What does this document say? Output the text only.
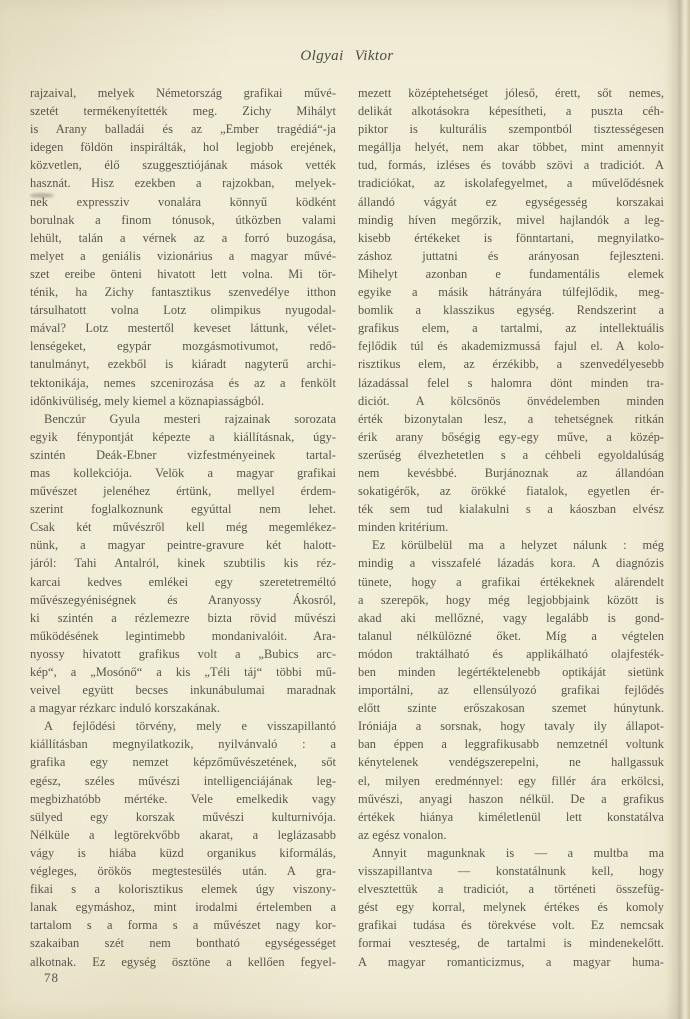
Olgyai Viktor
rajzaival, melyek Németország grafikai művé-
szetét termékenyítették meg. Zichy Mihályt
is Arany balladái és az „Ember tragédiá“-ja
idegen földön inspirálták, hol legjobb erejének,
közvetlen, élő szuggesztiójának mások vették
hasznát. Hisz ezekben a rajzokban, melyek-
nek expressziv vonalára könnyű ködként
borulnak a finom tónusok, útközben valami
lehült, talán a vérnek az a forró buzogása,
melyet a geniális vizionárius a magyar művé-
szet ereibe önteni hivatott lett volna. Mi tör-
ténik, ha Zichy fantasztikus szenvedélye itthon
társulhatott volna Lotz olimpikus nyugodal-
mával? Lotz mestertől keveset láttunk, vélet-
lenségeket, egypár mozgásmotivumot, redő-
tanulmányt, ezekből is kiáradt nagyterű archi-
tektonikája, nemes szcenirozása és az a fenkölt
időnkivüliség, mely kiemel a köznapiasságból.
Benczúr Gyula mesteri rajzainak sorozata
egyik fénypontját képezte a kiállításnak, úgy-
szintén Deák-Ebner vizfestményeinek tartal-
mas kollekciója. Velök a magyar grafikai
művészet jelenéhez értünk, mellyel érdem-
szerint foglalkoznunk egyúttal nem lehet.
Csak két művészről kell még megemlékez-
nünk, a magyar peintre-gravure két halott-
járól: Tahi Antalról, kinek szubtilis kis réz-
karcai kedves emlékei egy szeretetreméltó
művészegyéniségnek és Aranyossy Ákosról,
ki szintén a rézlemezre bizta rövid művészi
működésének legintimebb mondanivalóit. Ara-
nyossy hivatott grafikus volt a „Bubics arc-
kép“, a „Mosónő“ a kis „Téli táj“ többi mű-
veivel együtt becses inkunábulumai maradnak
a magyar rézkarc induló korszakának.
A fejlődési törvény, mely e visszapillantó
kiállításban megnyilatkozik, nyilvánvaló : a
grafika egy nemzet képzőművészetének, sőt
egész, széles művészi intelligenciájának leg-
megbizhatóbb mértéke. Vele emelkedik vagy
sülyed egy korszak művészi kulturnivója.
Nélküle a legtörekvőbb akarat, a leglázasabb
vágy is hiába küzd organikus kiformálás,
végleges, örökös megtestesülés után. A gra-
fikai s a kolorisztikus elemek úgy viszony-
lanak egymáshoz, mint irodalmi értelemben a
tartalom s a forma s a művészet nagy kor-
szakaiban szét nem bontható egységességet
alkotnak. Ez egység ösztöne a kellően fegyel-
mezett középtehetséget jóleső, érett, sőt nemes,
delikát alkotásokra képesítheti, a puszta céh-
piktor is kulturális szempontból tisztességesen
megállja helyét, nem akar többet, mint amennyit
tud, formás, izléses és tovább szövi a tradiciót. A
tradiciókat, az iskolafegyelmet, a művelődésnek
állandó vágyát ez egységesség korszakai
mindig híven megőrzik, mivel hajlandók a leg-
kisebb értékeket is fönntartani, megnyilatko-
záshoz juttatni és arányosan fejleszteni.
Mihelyt azonban e fundamentális elemek
egyike a másik hátrányára túlfejlődik, meg-
bomlik a klasszikus egység. Rendszerint a
grafikus elem, a tartalmi, az intellektuális
fejlődik túl és akademizmussá fajul el. A kolo-
risztikus elem, az érzékibb, a szenvedélyesebb
lázadással felel s halomra dönt minden tra-
diciót. A kölcsönös önvédelemben minden
érték bizonytalan lesz, a tehetségnek ritkán
érik arany bőségig egy-egy műve, a közép-
szerűség élvezhetetlen s a céhbeli egyoldalúság
nem kevésbbé. Burjánoznak az állandóan
sokatigérők, az örökké fiatalok, egyetlen ér-
ték sem tud kialakulni s a káoszban elvész
minden kritérium.
Ez körülbelül ma a helyzet nálunk : még
mindig a visszafelé lázadás kora. A diagnózis
tünete, hogy a grafikai értékeknek alárendelt
a szerepök, hogy még legjobbjaink között is
akad aki mellőzné, vagy legalább is gond-
talanul nélkülözné őket. Míg a végtelen
módon traktálható és applikálható olajfesték-
ben minden legértéktelenebb optikáját sietünk
importálni, az ellensúlyozó grafikai fejlődés
előtt szinte erőszakosan szemet húnytunk.
Iróniája a sorsnak, hogy tavaly ily állapot-
ban éppen a leggrafikusabb nemzetnél voltunk
kénytelenek vendégszerepelni, ne hallgassuk
el, milyen eredménnyel: egy fillér ára erkölcsi,
művészi, anyagi haszon nélkül. De a grafikus
értékek hiánya kiméletlenül lett konstatálva
az egész vonalon.
Annyit magunknak is — a multba ma
visszapillantva — konstatálnunk kell, hogy
elvesztettük a tradiciót, a történeti összefüg-
gést egy korral, melynek értékes és komoly
grafikai tudása és törekvése volt. Ez nemcsak
formai veszteség, de tartalmi is mindenekelőtt.
A magyar romanticizmus, a magyar huma-
78
